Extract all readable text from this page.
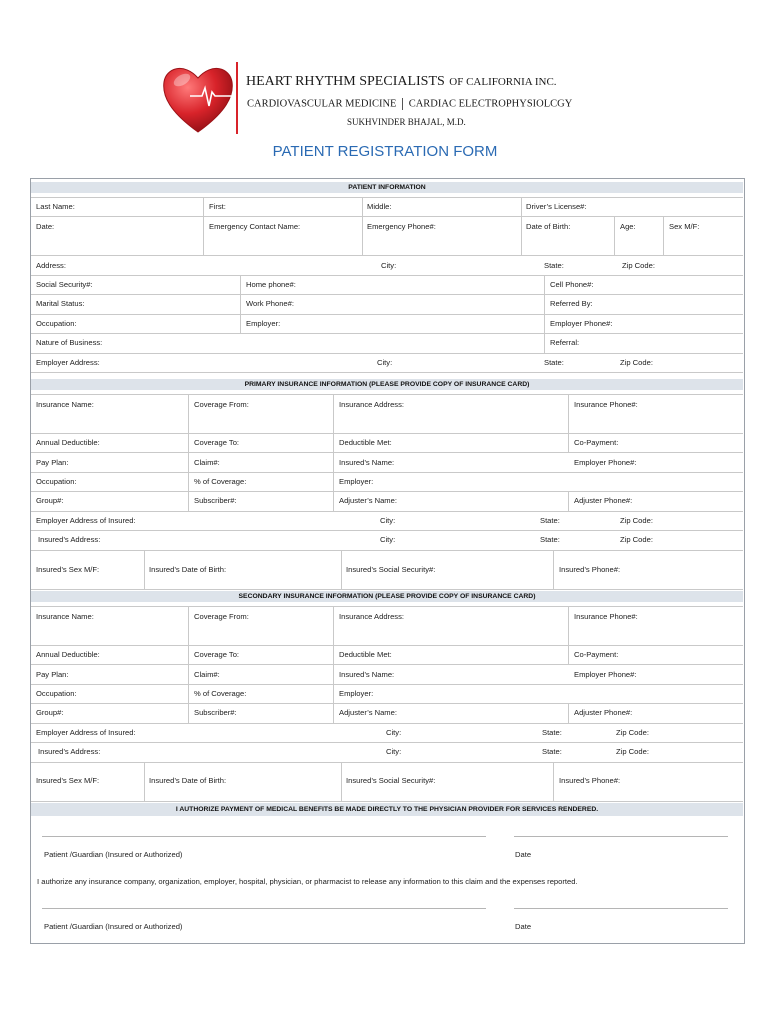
HEART RHYTHM SPECIALISTS OF CALIFORNIA INC.
CARDIOVASCULAR MEDICINE CARDIAC ELECTROPHYSIOLCGY
SUKHVINDER BHAJAL, M.D.
PATIENT REGISTRATION FORM
PATIENT INFORMATION
Last Name:	First:	Middle:	Driver’s License#:
Date:	Emergency Contact Name:	Emergency Phone#:	Date of Birth:	Age:	Sex M/F:
Address:	City:	State:	Zip Code:
Social Security#:	Home phone#:	Cell Phone#:
Marital Status:	Work Phone#:	Referred By:
Occupation:	Employer:	Employer Phone#:
Nature of Business:	Referral:
Employer Address:	City:	State:	Zip Code:
PRIMARY INSURANCE INFORMATION (PLEASE PROVIDE COPY OF INSURANCE CARD)
Insurance Name:	Coverage From:	Insurance Address:	Insurance Phone#:
Annual Deductible:	Coverage To:	Deductible Met:	Co-Payment:
Pay Plan:	Claim#:	Insured’s Name:	Employer Phone#:
Occupation:	% of Coverage:	Employer:
Group#:	Subscriber#:	Adjuster’s Name:	Adjuster Phone#:
Employer Address of Insured:	City:	State:	Zip Code:
Insured’s Address:	City:	State:	Zip Code:
Insured’s Sex M/F:	Insured’s Date of Birth:	Insured’s Social Security#:	Insured’s Phone#:
SECONDARY INSURANCE INFORMATION (PLEASE PROVIDE COPY OF INSURANCE CARD)
Insurance Name:	Coverage From:	Insurance Address:	Insurance Phone#:
Annual Deductible:	Coverage To:	Deductible Met:	Co-Payment:
Pay Plan:	Claim#:	Insured’s Name:	Employer Phone#:
Occupation:	% of Coverage:	Employer:
Group#:	Subscriber#:	Adjuster’s Name:	Adjuster Phone#:
Employer Address of Insured:	City:	State:	Zip Code:
Insured’s Address:	City:	State:	Zip Code:
Insured’s Sex M/F:	Insured’s Date of Birth:	Insured’s Social Security#:	Insured’s Phone#:
I AUTHORIZE PAYMENT OF MEDICAL BENEFITS BE MADE DIRECTLY TO THE PHYSICIAN PROVIDER FOR SERVICES RENDERED.
Patient /Guardian (Insured or Authorized)	Date
I authorize any insurance company, organization, employer, hospital, physician, or pharmacist to release any information to this claim and the expenses reported.
Patient /Guardian (Insured or Authorized)	Date
